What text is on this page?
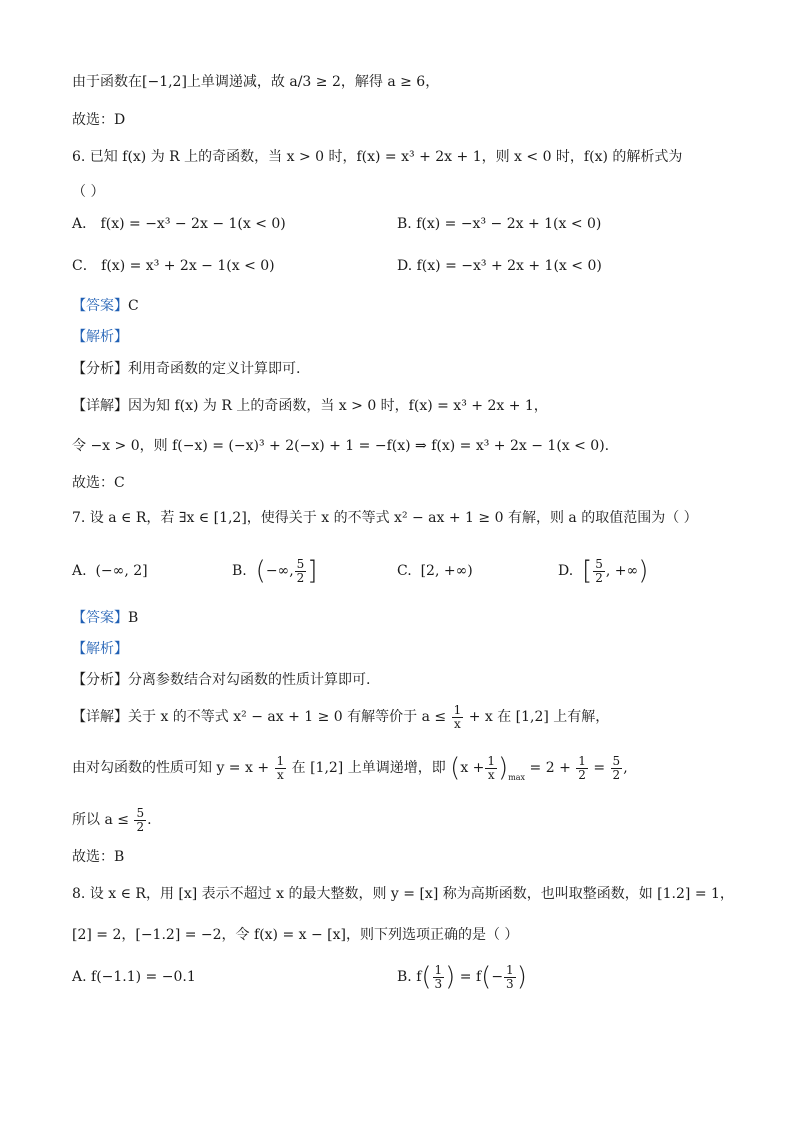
由于函数在[−1,2]上单调递减，故 a/3 ≥ 2，解得 a ≥ 6，
故选：D
6. 已知 f(x) 为 R 上的奇函数，当 x > 0 时，f(x) = x³ + 2x + 1，则 x < 0 时，f(x) 的解析式为
（ ）
A． f(x) = −x³ − 2x − 1(x < 0)	B. f(x) = −x³ − 2x + 1(x < 0)
C． f(x) = x³ + 2x − 1(x < 0)	D. f(x) = −x³ + 2x + 1(x < 0)
【答案】C
【解析】
【分析】利用奇函数的定义计算即可.
【详解】因为知 f(x) 为 R 上的奇函数，当 x > 0 时，f(x) = x³ + 2x + 1，
令 −x > 0，则 f(−x) = (−x)³ + 2(−x) + 1 = −f(x) ⇒ f(x) = x³ + 2x − 1(x < 0).
故选：C
7. 设 a ∈ R，若 ∃x ∈ [1,2]，使得关于 x 的不等式 x² − ax + 1 ≥ 0 有解，则 a 的取值范围为（ ）
A. (−∞, 2]	B. (−∞, $\frac{5}{2}$ ]	C. [2, +∞)	D. [ $\frac{5}{2}$ , +∞)
【答案】B
【解析】
【分析】分离参数结合对勾函数的性质计算即可.
【详解】关于 x 的不等式 x² − ax + 1 ≥ 0 有解等价于 $a \le \frac{1}{x} + x$ 在 [1,2] 上有解，
由对勾函数的性质可知 $y = x + \frac{1}{x}$ 在 [1,2] 上单调递增，即 $(x + \frac{1}{x} )_{max} = 2 + \frac{1}{2} = \frac{5}{2}$ ,
所以 $a \le \frac{5}{2}$ .
故选：B
8. 设 x ∈ R，用 [x] 表示不超过 x 的最大整数，则 y = [x] 称为高斯函数，也叫取整函数，如 [1.2] = 1，
[2] = 2，[−1.2] = −2，令 f(x) = x − [x]，则下列选项正确的是（ ）
A. f(−1.1) = −0.1	B. $f( \frac{1}{3}$ ) = $f(- \frac{1}{3}$ )
